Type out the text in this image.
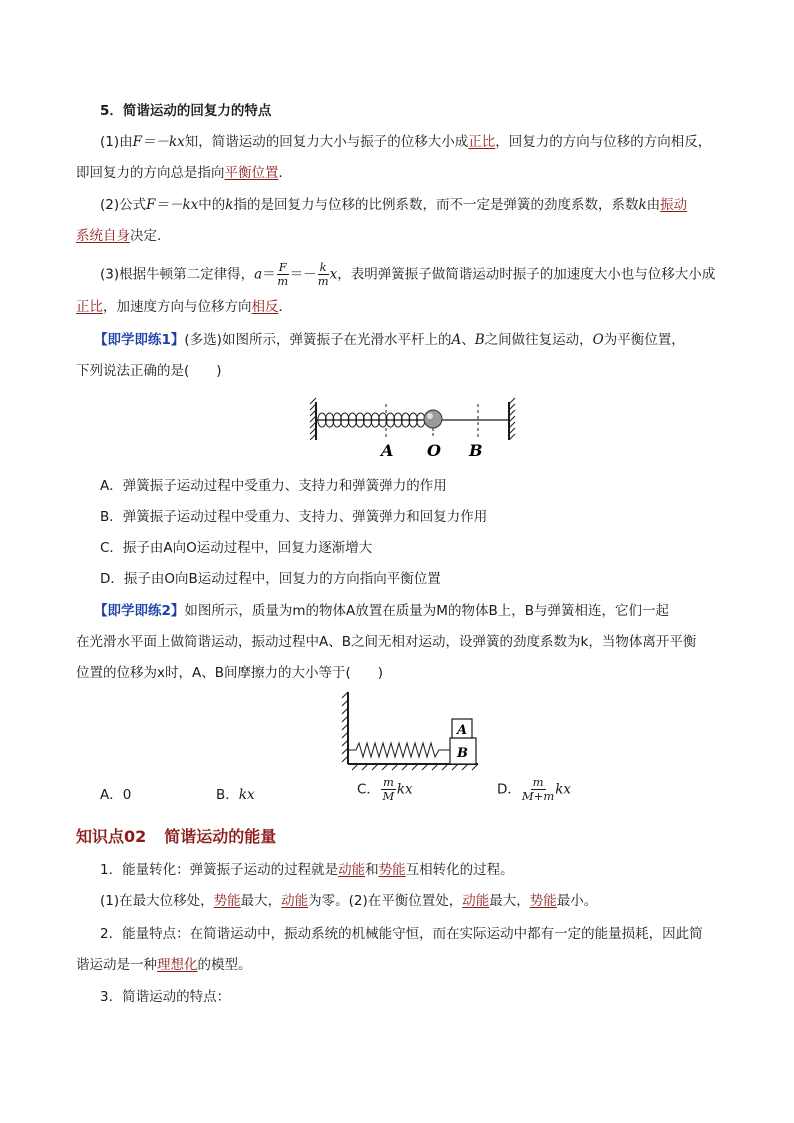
5．简谐运动的回复力的特点
(1)由F＝－kx知，简谐运动的回复力大小与振子的位移大小成正比，回复力的方向与位移的方向相反，
即回复力的方向总是指向平衡位置．
(2)公式F＝－kx中的k指的是回复力与位移的比例系数，而不一定是弹簧的劲度系数，系数k由振动
系统自身决定．
(3)根据牛顿第二定律得，$a= \frac{F}{m} =- \frac{k}{m}$ x，表明弹簧振子做简谐运动时振子的加速度大小也与位移大小成
正比，加速度方向与位移方向相反．
【即学即练1】(多选)如图所示，弹簧振子在光滑水平杆上的A、B之间做往复运动，O为平衡位置，
下列说法正确的是(　　)
A O B
A．弹簧振子运动过程中受重力、支持力和弹簧弹力的作用
B．弹簧振子运动过程中受重力、支持力、弹簧弹力和回复力作用
C．振子由A向O运动过程中，回复力逐渐增大
D．振子由O向B运动过程中，回复力的方向指向平衡位置
【即学即练2】如图所示，质量为m的物体A放置在质量为M的物体B上，B与弹簧相连，它们一起
在光滑水平面上做简谐运动，振动过程中A、B之间无相对运动，设弹簧的劲度系数为k，当物体离开平衡
位置的位移为x时，A、B间摩擦力的大小等于(　　)
A
B
A．0	B．kx	C． $\frac{m}{M}$ kx	D． $\frac{m}{M+m}$ kx
知识点02 简谐运动的能量
1．能量转化：弹簧振子运动的过程就是动能和势能互相转化的过程。
(1)在最大位移处，势能最大，动能为零。(2)在平衡位置处，动能最大，势能最小。
2．能量特点：在简谐运动中，振动系统的机械能守恒，而在实际运动中都有一定的能量损耗，因此简
谐运动是一种理想化的模型。
3．简谐运动的特点：
